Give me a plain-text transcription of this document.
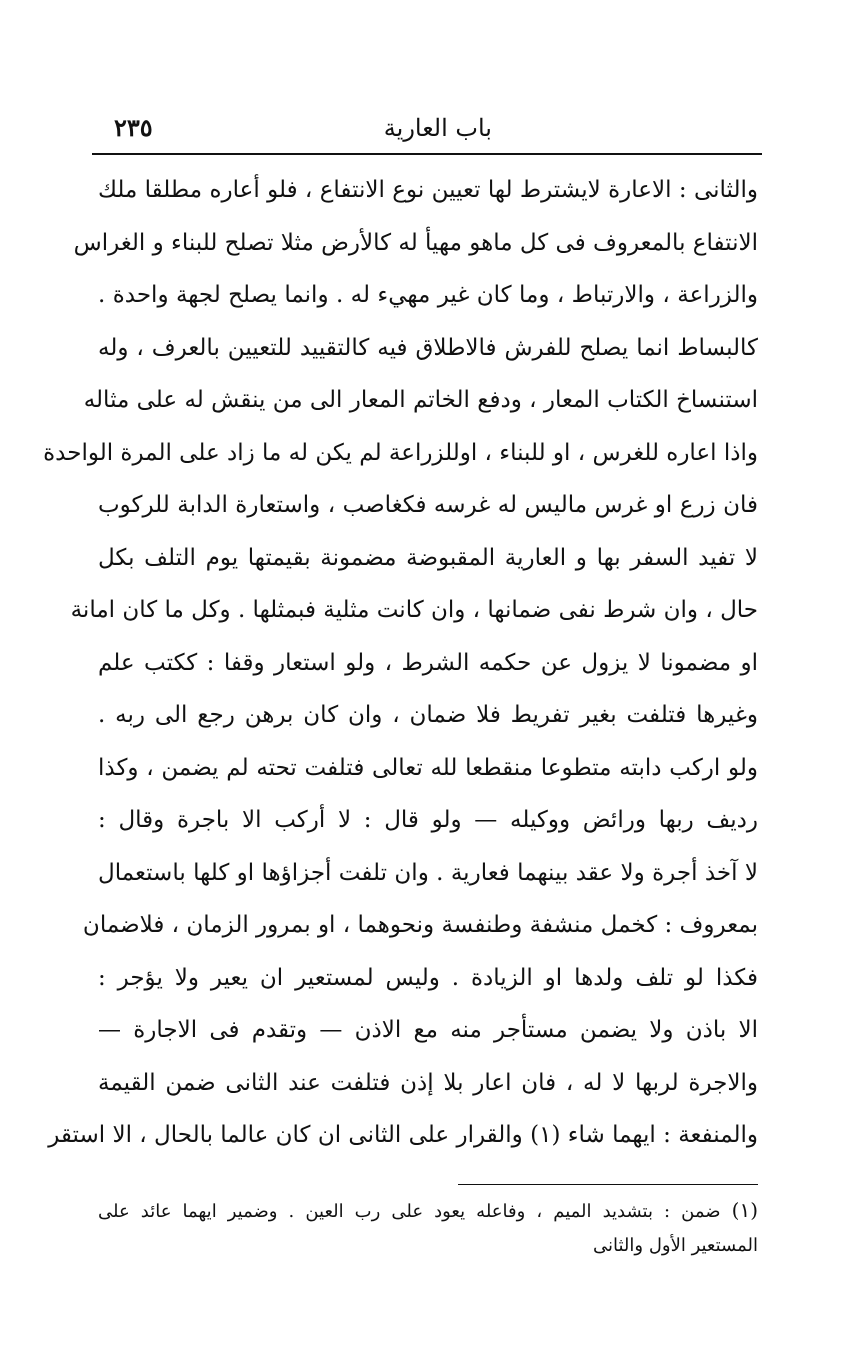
باب العارية
٢٣٥
والثانى : الاعارة لايشترط لها تعيين نوع الانتفاع ، فلو أعاره مطلقا ملك
الانتفاع بالمعروف فى كل ماهو مهيأ له كالأرض مثلا تصلح للبناء و الغراس
والزراعة ، والارتباط ، وما كان غير مهيء له . وانما يصلح لجهة واحدة .
كالبساط انما يصلح للفرش فالاطلاق فيه كالتقييد للتعيين بالعرف ، وله
استنساخ الكتاب المعار ، ودفع الخاتم المعار الى من ينقش له على مثاله
واذا اعاره للغرس ، او للبناء ، اوللزراعة لم يكن له ما زاد على المرة الواحدة
فان زرع او غرس ماليس له غرسه فكغاصب ، واستعارة الدابة للركوب
لا تفيد السفر بها و العارية المقبوضة مضمونة بقيمتها يوم التلف بكل
حال ، وان شرط نفى ضمانها ، وان كانت مثلية فبمثلها . وكل ما كان امانة
او مضمونا لا يزول عن حكمه الشرط ، ولو استعار وقفا : ككتب علم
وغيرها فتلفت بغير تفريط فلا ضمان ، وان كان برهن رجع الى ربه .
ولو اركب دابته متطوعا منقطعا لله تعالى فتلفت تحته لم يضمن ، وكذا
رديف ربها ورائض ووكيله — ولو قال : لا أركب الا باجرة وقال :
لا آخذ أجرة ولا عقد بينهما فعارية . وان تلفت أجزاؤها او كلها باستعمال
بمعروف : كخمل منشفة وطنفسة ونحوهما ، او بمرور الزمان ، فلاضمان
فكذا لو تلف ولدها او الزيادة . وليس لمستعير ان يعير ولا يؤجر :
الا باذن ولا يضمن مستأجر منه مع الاذن — وتقدم فى الاجارة —
والاجرة لربها لا له ، فان اعار بلا إذن فتلفت عند الثانى ضمن القيمة
والمنفعة : ايهما شاء (١) والقرار على الثانى ان كان عالما بالحال ، الا استقر
(١) ضمن : بتشديد الميم ، وفاعله يعود على رب العين . وضمير ايهما عائد على
المستعير الأول والثانى
